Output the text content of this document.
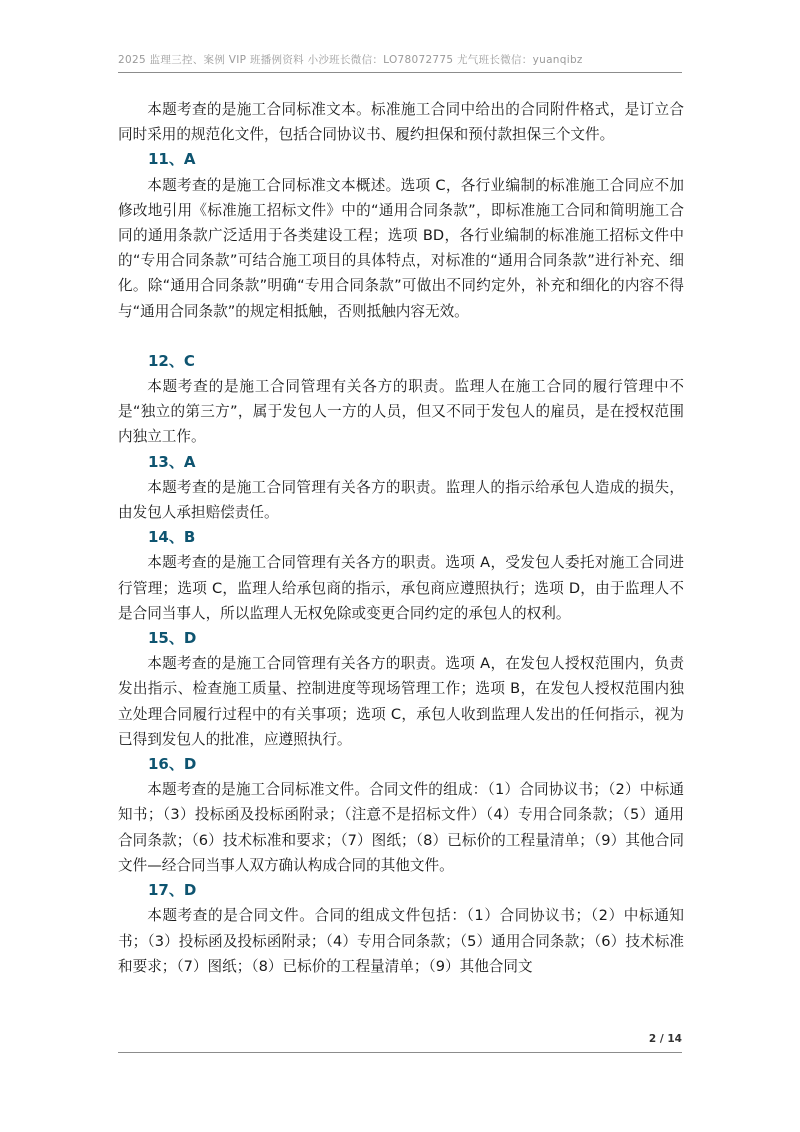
2025 监理三控、案例 VIP 班播例资料 小沙班长微信：LO78072775 尤气班长微信：yuanqibz

本题考查的是施工合同标准文本。标准施工合同中给出的合同附件格式，是订立合同时采用的规范化文件，包括合同协议书、履约担保和预付款担保三个文件。

11、A

本题考查的是施工合同标准文本概述。选项 C，各行业编制的标准施工合同应不加修改地引用《标准施工招标文件》中的“通用合同条款”，即标准施工合同和简明施工合同的通用条款广泛适用于各类建设工程；选项 BD，各行业编制的标准施工招标文件中的“专用合同条款”可结合施工项目的具体特点，对标准的“通用合同条款”进行补充、细化。除“通用合同条款”明确“专用合同条款”可做出不同约定外，补充和细化的内容不得与“通用合同条款”的规定相抵触，否则抵触内容无效。

12、C

本题考查的是施工合同管理有关各方的职责。监理人在施工合同的履行管理中不是“独立的第三方”，属于发包人一方的人员，但又不同于发包人的雇员，是在授权范围内独立工作。

13、A

本题考查的是施工合同管理有关各方的职责。监理人的指示给承包人造成的损失，由发包人承担赔偿责任。

14、B

本题考查的是施工合同管理有关各方的职责。选项 A，受发包人委托对施工合同进行管理；选项 C，监理人给承包商的指示，承包商应遵照执行；选项 D，由于监理人不是合同当事人，所以监理人无权免除或变更合同约定的承包人的权利。

15、D

本题考查的是施工合同管理有关各方的职责。选项 A，在发包人授权范围内，负责发出指示、检查施工质量、控制进度等现场管理工作；选项 B，在发包人授权范围内独立处理合同履行过程中的有关事项；选项 C，承包人收到监理人发出的任何指示，视为已得到发包人的批准，应遵照执行。

16、D

本题考查的是施工合同标准文件。合同文件的组成：（1）合同协议书；（2）中标通知书；（3）投标函及投标函附录；（注意不是招标文件）（4）专用合同条款；（5）通用合同条款；（6）技术标准和要求；（7）图纸；（8）已标价的工程量清单；（9）其他合同文件—经合同当事人双方确认构成合同的其他文件。

17、D

本题考查的是合同文件。合同的组成文件包括：（1）合同协议书；（2）中标通知书；（3）投标函及投标函附录；（4）专用合同条款；（5）通用合同条款；（6）技术标准和要求；（7）图纸；（8）已标价的工程量清单；（9）其他合同文

2 / 14
